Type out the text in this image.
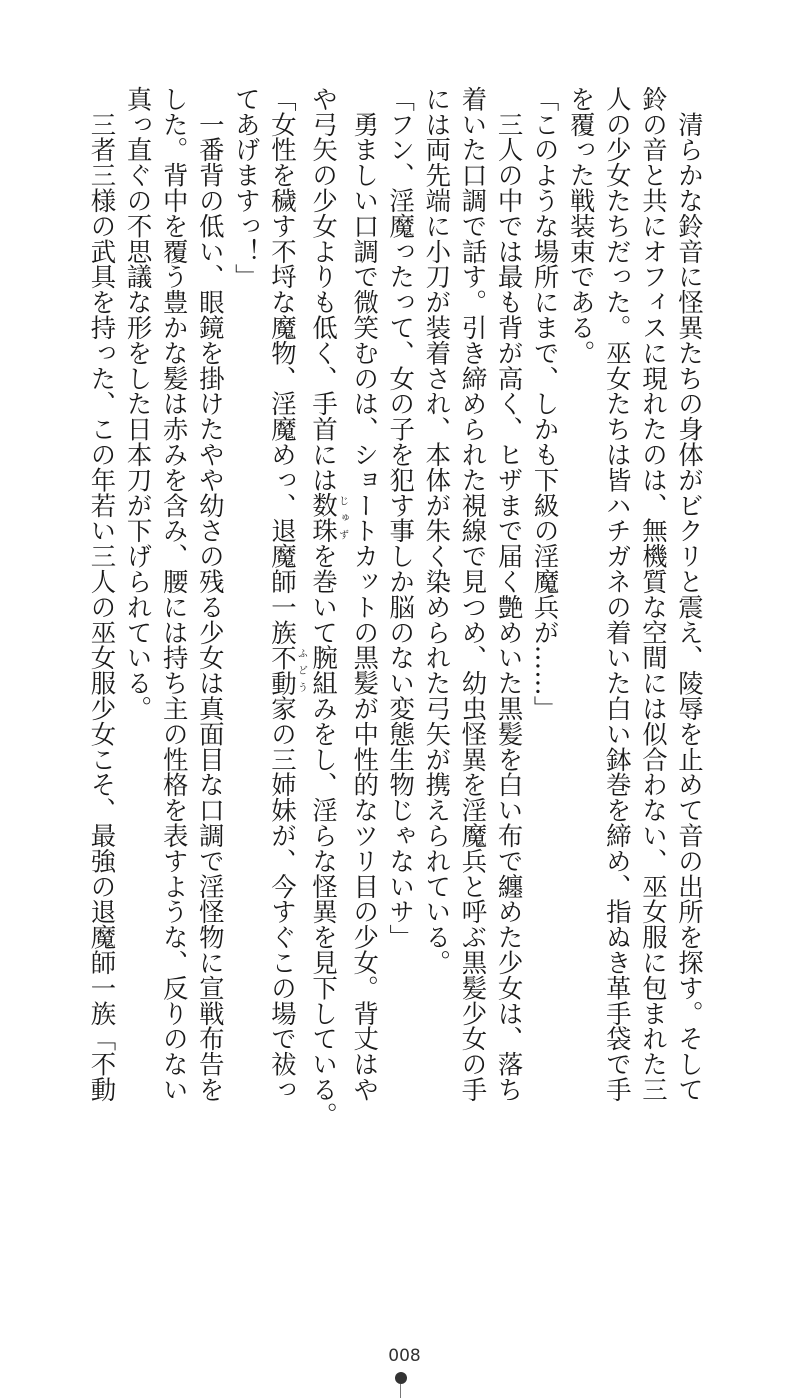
　清らかな鈴音に怪異たちの身体がビクリと震え、陵辱を止めて音の出所を探す。そして
鈴の音と共にオフィスに現れたのは、無機質な空間には似合わない、巫女服に包まれた三
人の少女たちだった。巫女たちは皆ハチガネの着いた白い鉢巻を締め、指ぬき革手袋で手
を覆った戦装束である。
「このような場所にまで、しかも下級の淫魔兵が……」
　三人の中では最も背が高く、ヒザまで届く艶めいた黒髪を白い布で纏めた少女は、落ち
着いた口調で話す。引き締められた視線で見つめ、幼虫怪異を淫魔兵と呼ぶ黒髪少女の手
には両先端に小刀が装着され、本体が朱く染められた弓矢が携えられている。
「フン、淫魔ったって、女の子を犯す事しか脳のない変態生物じゃないサ」
　勇ましい口調で微笑むのは、ショートカットの黒髪が中性的なツリ目の少女。背丈はや
や弓矢の少女よりも低く、手首には数珠じゅずを巻いて腕組みをし、淫らな怪異を見下している。
「女性を穢す不埒な魔物、淫魔めっ、退魔師一族不動ふどう家の三姉妹が、今すぐこの場で祓っ
てあげますっ！」
　一番背の低い、眼鏡を掛けたやや幼さの残る少女は真面目な口調で淫怪物に宣戦布告を
した。背中を覆う豊かな髪は赤みを含み、腰には持ち主の性格を表すような、反りのない
真っ直ぐの不思議な形をした日本刀が下げられている。
　三者三様の武具を持った、この年若い三人の巫女服少女こそ、最強の退魔師一族「不動
008
